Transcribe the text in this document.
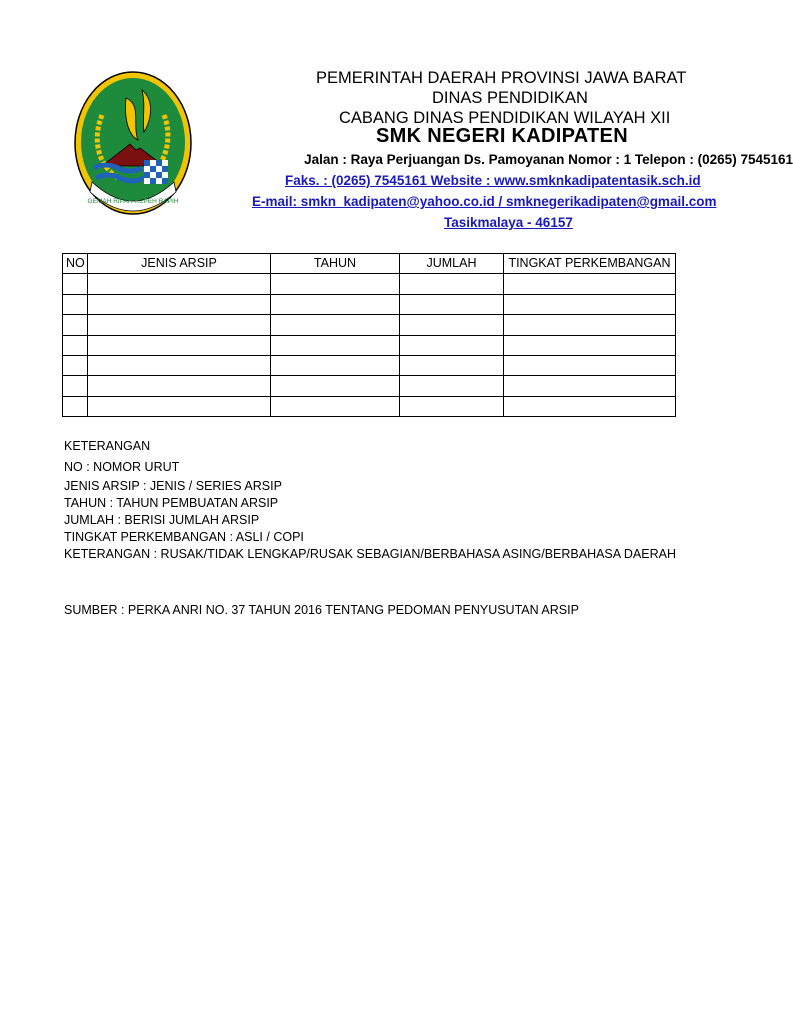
GEMAH RIPAH REPEH RAPIH
PEMERINTAH DAERAH PROVINSI JAWA BARAT
DINAS PENDIDIKAN
CABANG DINAS PENDIDIKAN WILAYAH XII
SMK NEGERI KADIPATEN
Jalan : Raya Perjuangan Ds. Pamoyanan Nomor : 1 Telepon : (0265) 7545161
Faks. : (0265) 7545161 Website : www.smknkadipatentasik.sch.id
E-mail: smkn_kadipaten@yahoo.co.id / smknegerikadipaten@gmail.com
Tasikmalaya - 46157
NO	JENIS ARSIP	TAHUN	JUMLAH	TINGKAT PERKEMBANGAN

KETERANGAN
NO : NOMOR URUT
JENIS ARSIP : JENIS / SERIES ARSIP
TAHUN : TAHUN PEMBUATAN ARSIP
JUMLAH : BERISI JUMLAH ARSIP
TINGKAT PERKEMBANGAN : ASLI / COPI
KETERANGAN : RUSAK/TIDAK LENGKAP/RUSAK SEBAGIAN/BERBAHASA ASING/BERBAHASA DAERAH
SUMBER : PERKA ANRI NO. 37 TAHUN 2016 TENTANG PEDOMAN PENYUSUTAN ARSIP
